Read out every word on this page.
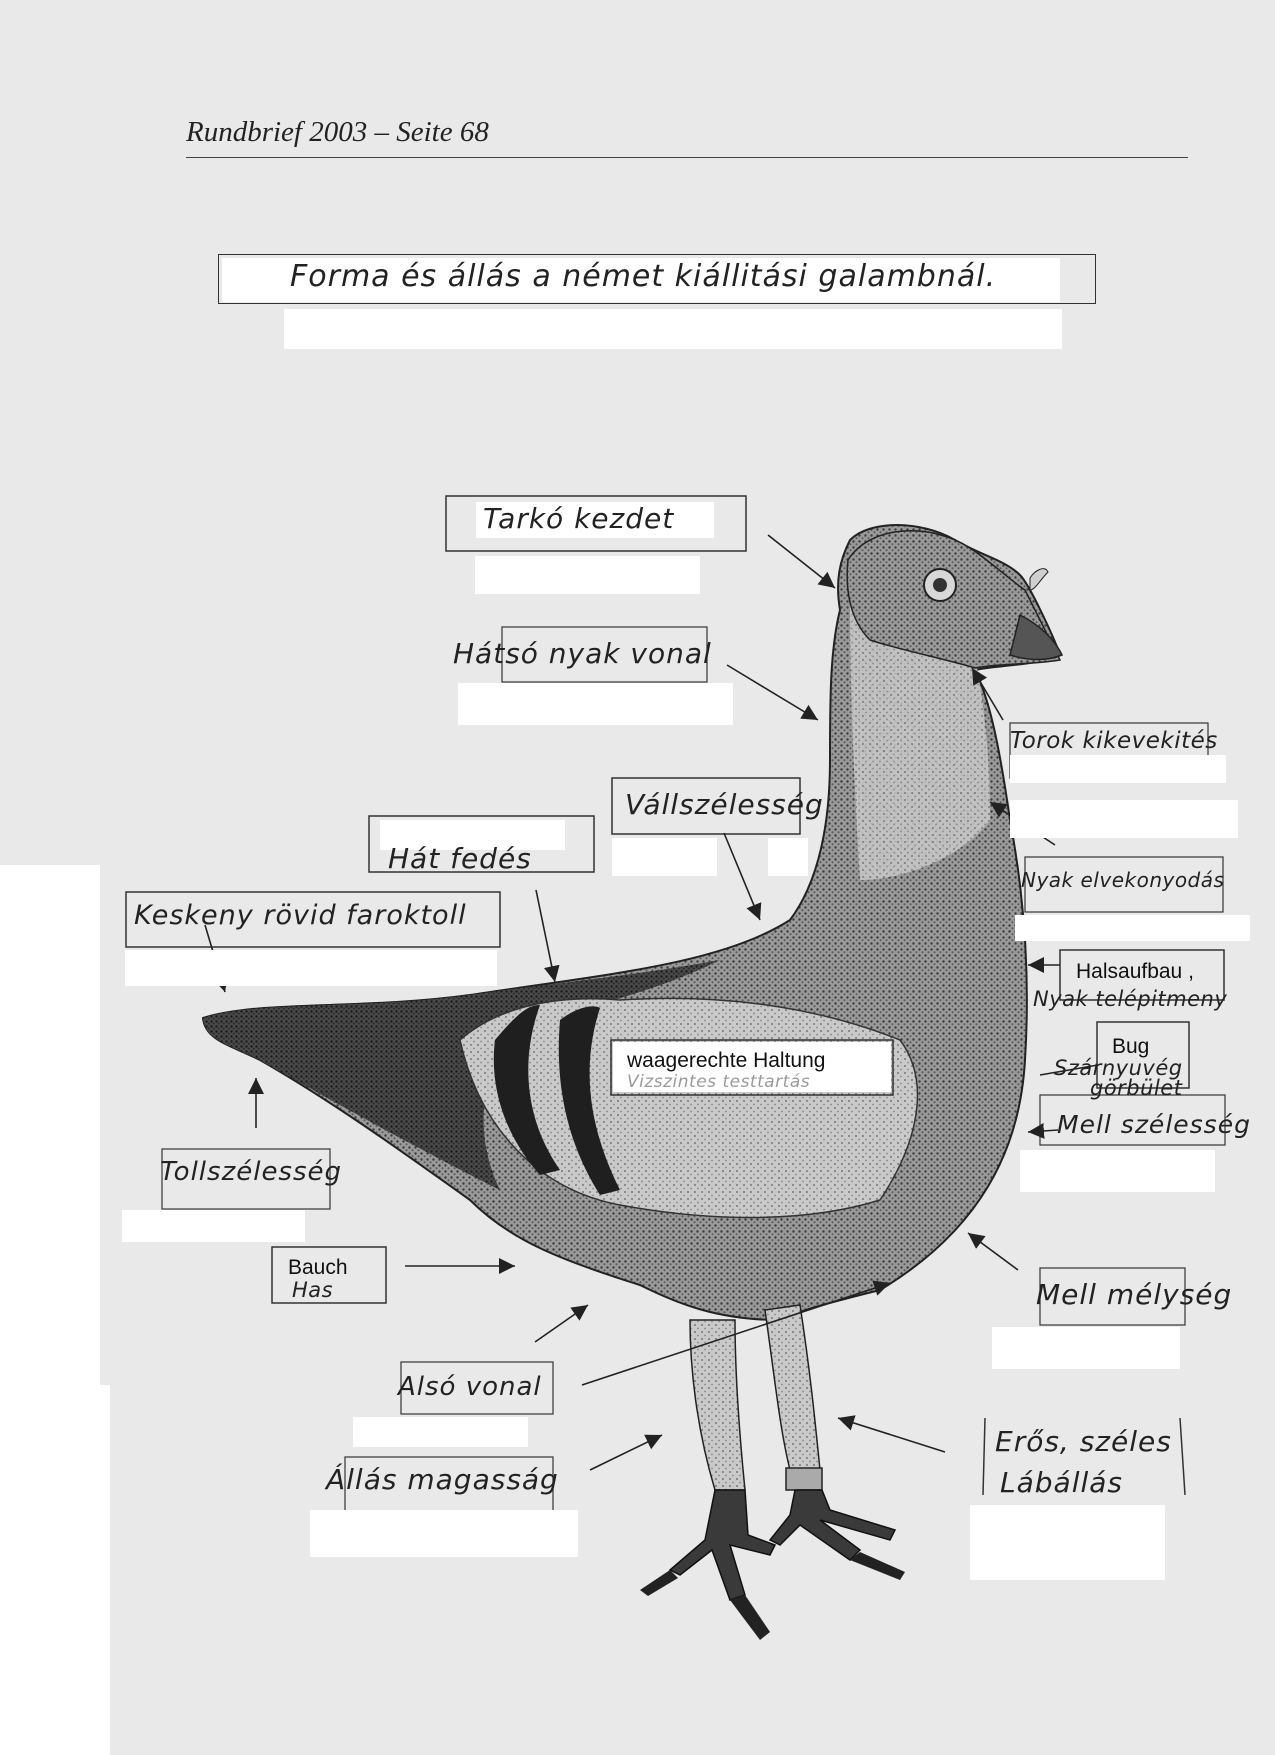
Rundbrief 2003 – Seite 68
Forma és állás a német kiállitási galambnál.
Tarkó kezdet
Hátsó nyak vonal
Vállszélesség
Hát fedés
Keskeny rövid faroktoll
Torok kikevekités
Nyak elvekonyodás
Halsaufbau ,
Nyak telépitmeny
Bug
Szárnyuvég
görbület
waagerechte Haltung
Vizszintes testtartás
Mell szélesség
Tollszélesség
Bauch
Has	Mell mélység
Alsó vonal
Erős, széles
Lábállás
Állás magasság
